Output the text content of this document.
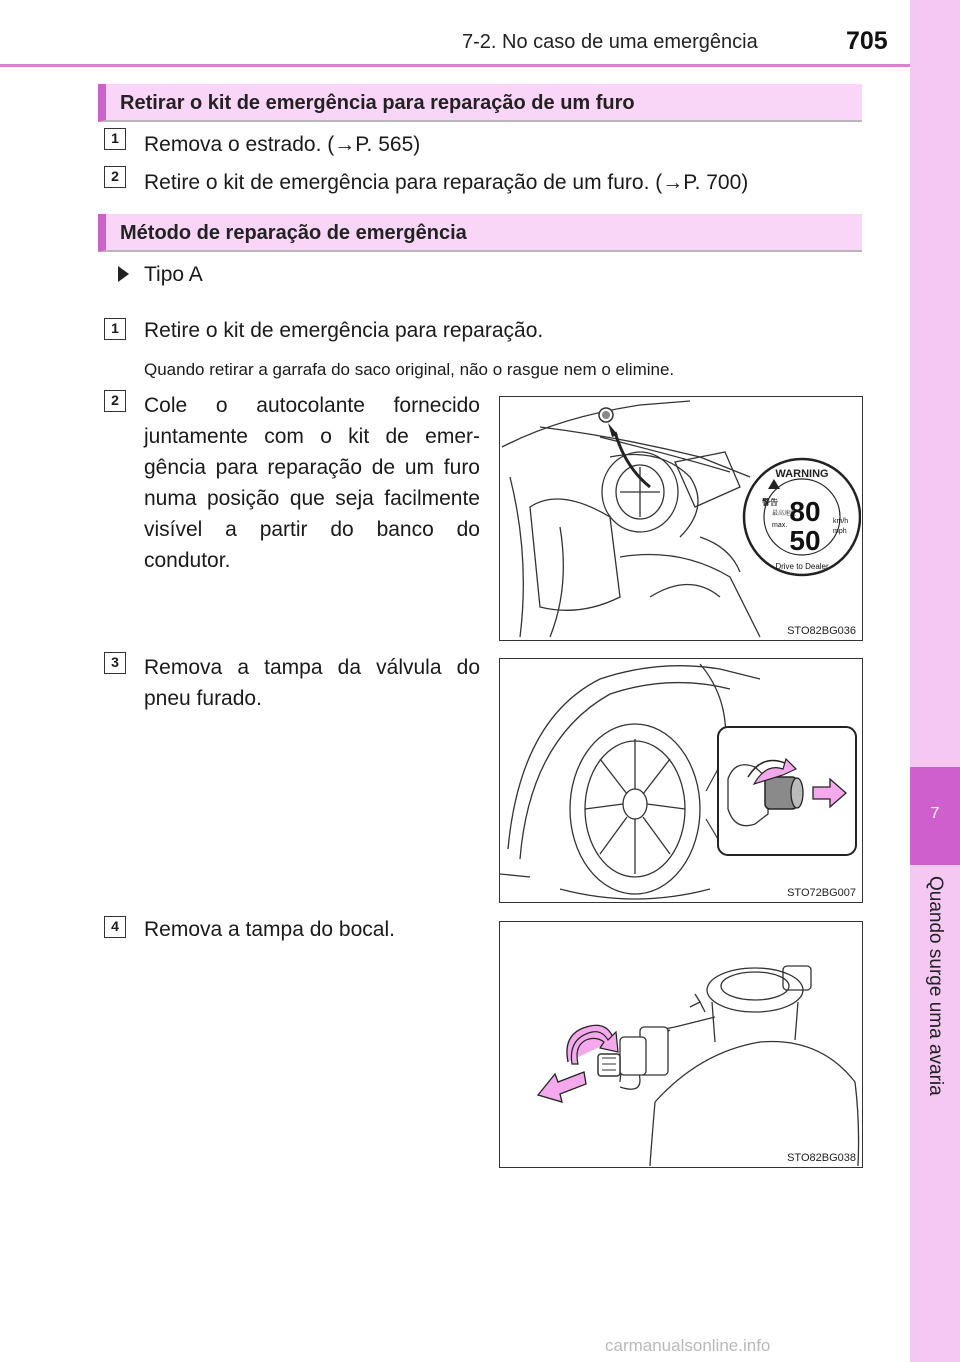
7-2. No caso de uma emergência	705
7
Quando surge uma avaria
Retirar o kit de emergência para reparação de um furo
1	Remova o estrado. (→P. 565)
2	Retire o kit de emergência para reparação de um furo. (→P. 700)
Método de reparação de emergência
Tipo A
1	Retire o kit de emergência para reparação.
Quando retirar a garrafa do saco original, não o rasgue nem o elimine.
2	Cole o autocolante fornecido juntamente com o kit de emer-gência para reparação de um furo numa posição que seja facilmente visível a partir do banco do condutor.
3	Remova a tampa da válvula do pneu furado.
4	Remova a tampa do bocal.
WARNING
80
50
km/h
mph
max.
最高速度
警告
Drive to Dealer
STO82BG036
STO72BG007
STO82BG038
carmanualsonline.info
